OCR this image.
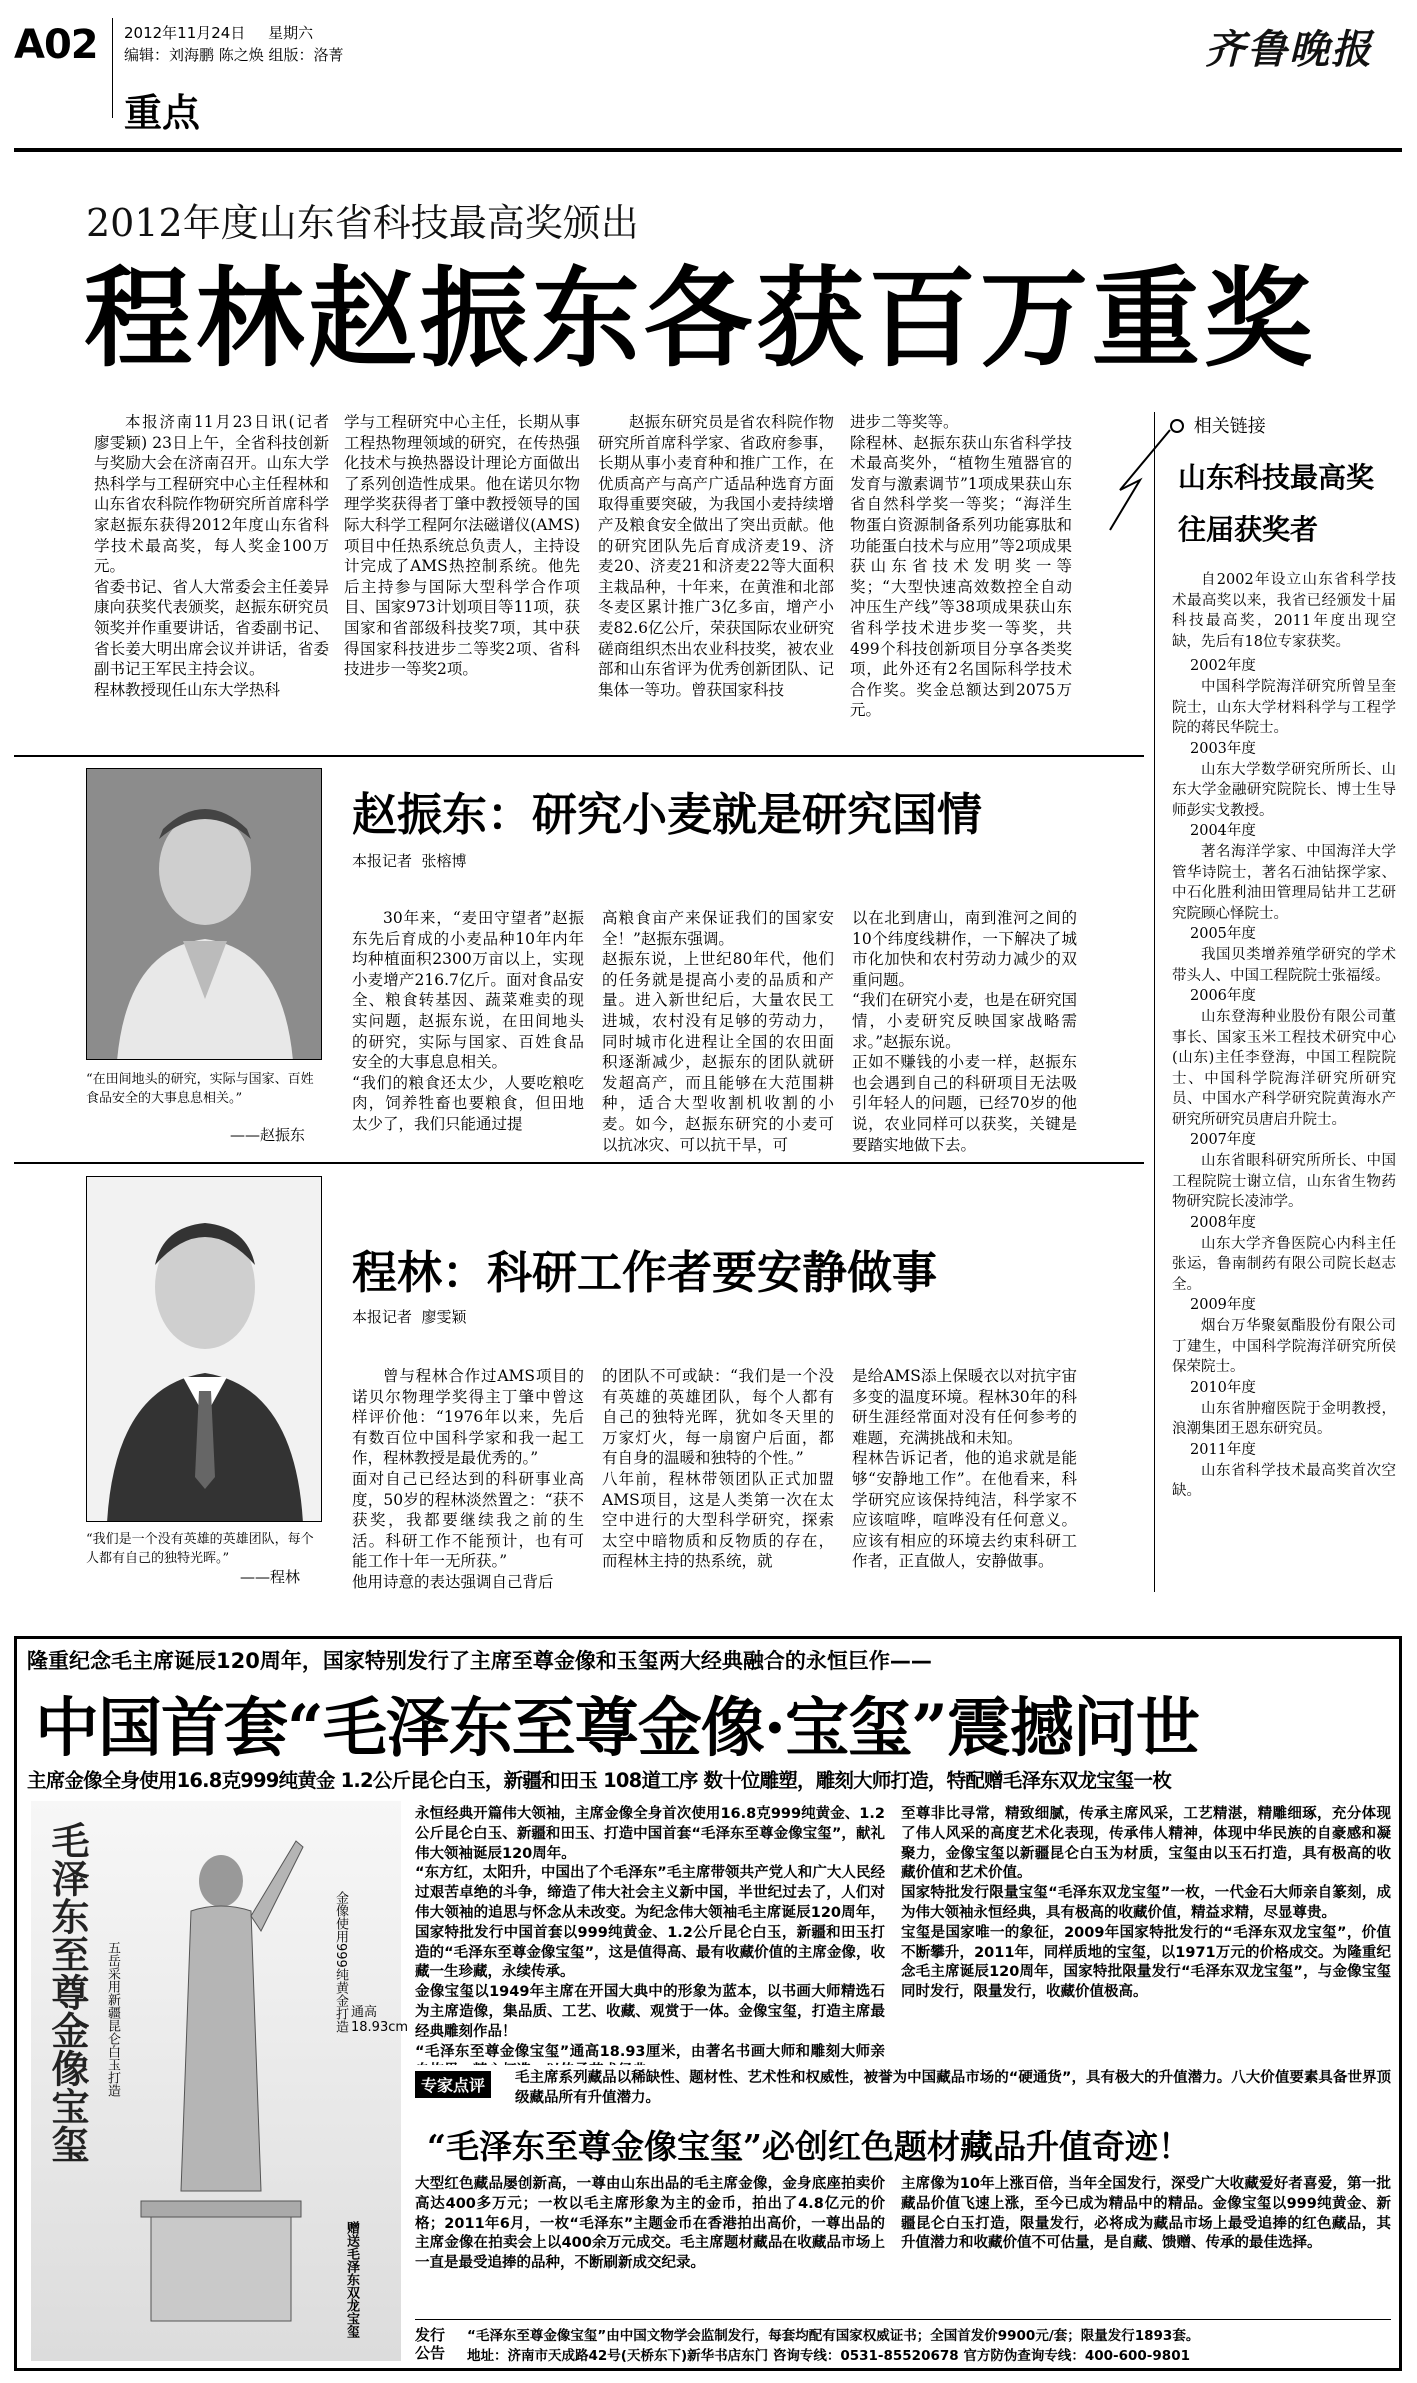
A02 2012年11月24日 星期六
编辑：刘海鹏 陈之焕 组版：洛菁	齐鲁晚报
重点
2012年度山东省科技最高奖颁出
程林赵振东各获百万重奖

本报济南11月23日讯(记者 廖雯颖) 23日上午，全省科技创新与奖励大会在济南召开。山东大学热科学与工程研究中心主任程林和山东省农科院作物研究所首席科学家赵振东获得2012年度山东省科学技术最高奖，每人奖金100万元。
省委书记、省人大常委会主任姜异康向获奖代表颁奖，赵振东研究员领奖并作重要讲话，省委副书记、省长姜大明出席会议并讲话，省委副书记王军民主持会议。
程林教授现任山东大学热科

学与工程研究中心主任，长期从事工程热物理领域的研究，在传热强化技术与换热器设计理论方面做出了系列创造性成果。他在诺贝尔物理学奖获得者丁肇中教授领导的国际大科学工程阿尔法磁谱仪(AMS)项目中任热系统总负责人，主持设计完成了AMS热控制系统。他先后主持参与国际大型科学合作项目、国家973计划项目等11项，获国家和省部级科技奖7项，其中获得国家科技进步二等奖2项、省科技进步一等奖2项。

赵振东研究员是省农科院作物研究所首席科学家、省政府参事，长期从事小麦育种和推广工作，在优质高产与高产广适品种选育方面取得重要突破，为我国小麦持续增产及粮食安全做出了突出贡献。他的研究团队先后育成济麦19、济麦20、济麦21和济麦22等大面积主栽品种，十年来，在黄淮和北部冬麦区累计推广3亿多亩，增产小麦82.6亿公斤，荣获国际农业研究磋商组织杰出农业科技奖，被农业部和山东省评为优秀创新团队、记集体一等功。曾获国家科技

进步二等奖等。
除程林、赵振东获山东省科学技术最高奖外，“植物生殖器官的发育与激素调节”1项成果获山东省自然科学奖一等奖；“海洋生物蛋白资源制备系列功能寡肽和功能蛋白技术与应用”等2项成果获山东省技术发明奖一等奖；“大型快速高效数控全自动冲压生产线”等38项成果获山东省科学技术进步奖一等奖，共499个科技创新项目分享各类奖项，此外还有2名国际科学技术合作奖。奖金总额达到2075万元。

相关链接
山东科技最高奖
往届获奖者
自2002年设立山东省科学技术最高奖以来，我省已经颁发十届科技最高奖，2011年度出现空缺，先后有18位专家获奖。
2002年度
中国科学院海洋研究所曾呈奎院士，山东大学材料科学与工程学院的蒋民华院士。
2003年度
山东大学数学研究所所长、山东大学金融研究院院长、博士生导师彭实戈教授。
2004年度
著名海洋学家、中国海洋大学管华诗院士，著名石油钻探学家、中石化胜利油田管理局钻井工艺研究院顾心怿院士。
2005年度
我国贝类增养殖学研究的学术带头人、中国工程院院士张福绥。
2006年度
山东登海种业股份有限公司董事长、国家玉米工程技术研究中心(山东)主任李登海，中国工程院院士、中国科学院海洋研究所研究员、中国水产科学研究院黄海水产研究所研究员唐启升院士。
2007年度
山东省眼科研究所所长、中国工程院院士谢立信，山东省生物药物研究院长凌沛学。
2008年度
山东大学齐鲁医院心内科主任张运，鲁南制药有限公司院长赵志全。
2009年度
烟台万华聚氨酯股份有限公司丁建生，中国科学院海洋研究所侯保荣院士。
2010年度
山东省肿瘤医院于金明教授，浪潮集团王恩东研究员。
2011年度
山东省科学技术最高奖首次空缺。
“在田间地头的研究，实际与国家、百姓食品安全的大事息息相关。”
——赵振东
赵振东：研究小麦就是研究国情
本报记者  张榕博

30年来，“麦田守望者”赵振东先后育成的小麦品种10年内年均种植面积2300万亩以上，实现小麦增产216.7亿斤。面对食品安全、粮食转基因、蔬菜难卖的现实问题，赵振东说，在田间地头的研究，实际与国家、百姓食品安全的大事息息相关。
“我们的粮食还太少，人要吃粮吃肉，饲养牲畜也要粮食，但田地太少了，我们只能通过提

高粮食亩产来保证我们的国家安全！”赵振东强调。
赵振东说，上世纪80年代，他们的任务就是提高小麦的品质和产量。进入新世纪后，大量农民工进城，农村没有足够的劳动力，同时城市化进程让全国的农田面积逐渐减少，赵振东的团队就研发超高产，而且能够在大范围耕种，适合大型收割机收割的小麦。如今，赵振东研究的小麦可以抗冰灾、可以抗干旱，可

以在北到唐山，南到淮河之间的10个纬度线耕作，一下解决了城市化加快和农村劳动力减少的双重问题。
“我们在研究小麦，也是在研究国情，小麦研究反映国家战略需求。”赵振东说。
正如不赚钱的小麦一样，赵振东也会遇到自己的科研项目无法吸引年轻人的问题，已经70岁的他说，农业同样可以获奖，关键是要踏实地做下去。

“我们是一个没有英雄的英雄团队，每个人都有自己的独特光晖。”
——程林
程林：科研工作者要安静做事
本报记者  廖雯颖

曾与程林合作过AMS项目的诺贝尔物理学奖得主丁肇中曾这样评价他：“1976年以来，先后有数百位中国科学家和我一起工作，程林教授是最优秀的。”
面对自己已经达到的科研事业高度，50岁的程林淡然置之：“获不获奖，我都要继续我之前的生活。科研工作不能预计，也有可能工作十年一无所获。”
他用诗意的表达强调自己背后

的团队不可或缺：“我们是一个没有英雄的英雄团队，每个人都有自己的独特光晖，犹如冬天里的万家灯火，每一扇窗户后面，都有自身的温暖和独特的个性。”
八年前，程林带领团队正式加盟AMS项目，这是人类第一次在太空中进行的大型科学研究，探索太空中暗物质和反物质的存在，而程林主持的热系统，就

是给AMS添上保暖衣以对抗宇宙多变的温度环境。程林30年的科研生涯经常面对没有任何参考的难题，充满挑战和未知。
程林告诉记者，他的追求就是能够“安静地工作”。在他看来，科学研究应该保持纯洁，科学家不应该喧哗，喧哗没有任何意义。应该有相应的环境去约束科研工作者，正直做人，安静做事。

隆重纪念毛主席诞辰120周年，国家特别发行了主席至尊金像和玉玺两大经典融合的永恒巨作——
中国首套“毛泽东至尊金像·宝玺”震撼问世
主席金像全身使用16.8克999纯黄金 1.2公斤昆仑白玉，新疆和田玉 108道工序 数十位雕塑，雕刻大师打造，特配赠毛泽东双龙宝玺一枚
毛泽东至尊金像宝玺 五岳采用新疆昆仑白玉打造	金像使用999纯黄金打造 通高18.93cm
赠送毛泽东双龙宝玺
永恒经典开篇伟大领袖，主席金像全身首次使用16.8克999纯黄金、1.2公斤昆仑白玉、新疆和田玉、打造中国首套“毛泽东至尊金像宝玺”，献礼伟大领袖诞辰120周年。
“东方红，太阳升，中国出了个毛泽东”毛主席带领共产党人和广大人民经过艰苦卓绝的斗争，缔造了伟大社会主义新中国，半世纪过去了，人们对伟大领袖的追思与怀念从未改变。为纪念伟大领袖毛主席诞辰120周年，国家特批发行中国首套以999纯黄金、1.2公斤昆仑白玉，新疆和田玉打造的“毛泽东至尊金像宝玺”，这是值得高、最有收藏价值的主席金像，收藏一生珍藏，永续传承。
金像宝玺以1949年主席在开国大典中的形象为蓝本，以书画大师精选石为主席造像，集品质、工艺、收藏、观赏于一体。金像宝玺，打造主席最经典雕刻作品！
“毛泽东至尊金像宝玺”通高18.93厘米，由著名书画大师和雕刻大师亲
至尊非比寻常，精致细腻，传承主席风采，工艺精湛，精雕细琢，充分体现了伟人风采的高度艺术化表现，传承伟人精神，体现中华民族的自豪感和凝聚力，金像宝玺以新疆昆仑白玉为材质，宝玺由以玉石打造，具有极高的收藏价值和艺术价值。
国家特批发行限量宝玺“毛泽东双龙宝玺”一枚，一代金石大师亲自篆刻，成为伟大领袖永恒经典，具有极高的收藏价值，精益求精，尽显尊贵。
宝玺是国家唯一的象征，2009年国家特批发行的“毛泽东双龙宝玺”，价值不断攀升，2011年，同样质地的宝玺，以1971万元的价格成交。为隆重纪念毛主席诞辰120周年，国家特批限量发行“毛泽东双龙宝玺”，与金像宝玺同时发行，限量发行，收藏价值极高。
专家点评	毛主席系列藏品以稀缺性、题材性、艺术性和权威性，被誉为中国藏品市场的“硬通货”，具有极大的升值潜力。八大价值要素具备世界顶级藏品所有升值潜力。
“毛泽东至尊金像宝玺”必创红色题材藏品升值奇迹！
大型红色藏品屡创新高，一尊由山东出品的毛主席金像，金身底座拍卖价高达400多万元；一枚以毛主席形象为主的金币，拍出了4.8亿元的价格；2011年6月，一枚“毛泽东”主题金币在香港拍出高价，一尊出品的主席金像在拍卖会上以400余万元成交。毛主席题材藏品在收藏品市场上一直是最受追捧的品种，不断刷新成交纪录。
主席像为10年上涨百倍，当年全国发行，深受广大收藏爱好者喜爱，第一批藏品价值飞速上涨，至今已成为精品中的精品。金像宝玺以999纯黄金、新疆昆仑白玉打造，限量发行，必将成为藏品市场上最受追捧的红色藏品，其升值潜力和收藏价值不可估量，是自藏、馈赠、传承的最佳选择。
发行公告
“毛泽东至尊金像宝玺”由中国文物学会监制发行，每套均配有国家权威证书；全国首发价9900元/套；限量发行1893套。
地址：济南市天成路42号(天桥东下)新华书店东门 咨询专线：0531-85520678 官方防伪查询专线：400-600-9801
